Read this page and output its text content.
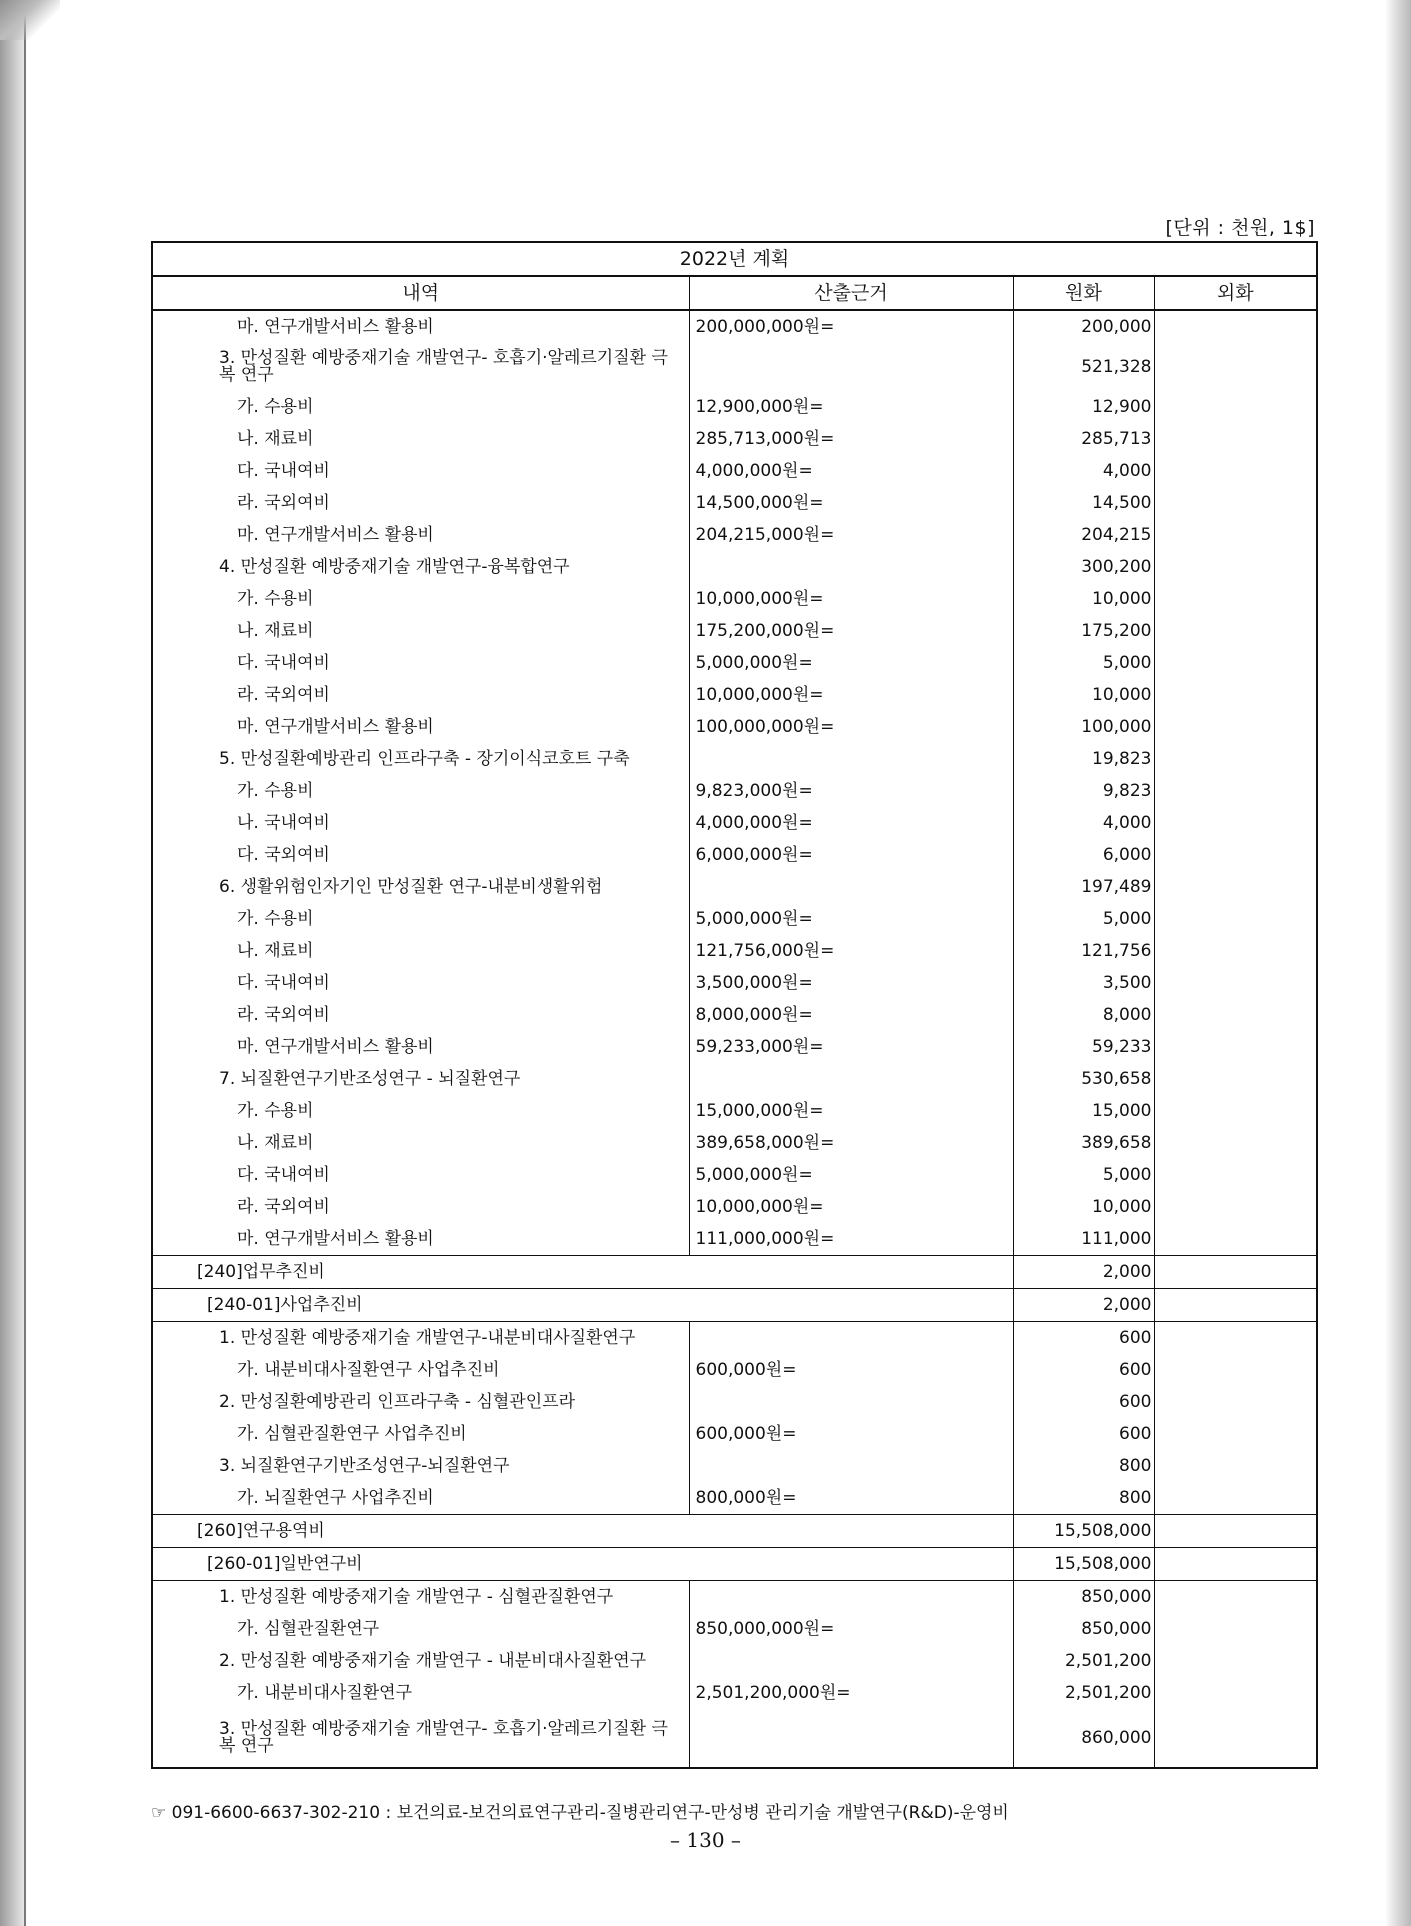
[단위 : 천원, 1$]
2022년 계획			
내역	산출근거	원화	외화
마. 연구개발서비스 활용비	200,000,000원=	200,000	
3. 만성질환 예방중재기술 개발연구- 호흡기·알레르기질환 극복 연구		521,328	
가. 수용비	12,900,000원=	12,900	
나. 재료비	285,713,000원=	285,713	
다. 국내여비	4,000,000원=	4,000	
라. 국외여비	14,500,000원=	14,500	
마. 연구개발서비스 활용비	204,215,000원=	204,215	
4. 만성질환 예방중재기술 개발연구-융복합연구		300,200	
가. 수용비	10,000,000원=	10,000	
나. 재료비	175,200,000원=	175,200	
다. 국내여비	5,000,000원=	5,000	
라. 국외여비	10,000,000원=	10,000	
마. 연구개발서비스 활용비	100,000,000원=	100,000	
5. 만성질환예방관리 인프라구축 - 장기이식코호트 구축		19,823	
가. 수용비	9,823,000원=	9,823	
나. 국내여비	4,000,000원=	4,000	
다. 국외여비	6,000,000원=	6,000	
6. 생활위험인자기인 만성질환 연구-내분비생활위험		197,489	
가. 수용비	5,000,000원=	5,000	
나. 재료비	121,756,000원=	121,756	
다. 국내여비	3,500,000원=	3,500	
라. 국외여비	8,000,000원=	8,000	
마. 연구개발서비스 활용비	59,233,000원=	59,233	
7. 뇌질환연구기반조성연구 - 뇌질환연구		530,658	
가. 수용비	15,000,000원=	15,000	
나. 재료비	389,658,000원=	389,658	
다. 국내여비	5,000,000원=	5,000	
라. 국외여비	10,000,000원=	10,000	
마. 연구개발서비스 활용비	111,000,000원=	111,000	
[240]업무추진비		2,000	
[240-01]사업추진비		2,000	
1. 만성질환 예방중재기술 개발연구-내분비대사질환연구		600	
가. 내분비대사질환연구 사업추진비	600,000원=	600	
2. 만성질환예방관리 인프라구축 - 심혈관인프라		600	
가. 심혈관질환연구 사업추진비	600,000원=	600	
3. 뇌질환연구기반조성연구-뇌질환연구		800	
가. 뇌질환연구 사업추진비	800,000원=	800	
[260]연구용역비		15,508,000	
[260-01]일반연구비		15,508,000	
1. 만성질환 예방중재기술 개발연구 - 심혈관질환연구		850,000	
가. 심혈관질환연구	850,000,000원=	850,000	
2. 만성질환 예방중재기술 개발연구 - 내분비대사질환연구		2,501,200	
가. 내분비대사질환연구	2,501,200,000원=	2,501,200	
3. 만성질환 예방중재기술 개발연구- 호흡기·알레르기질환 극복 연구		860,000	
☞ 091-6600-6637-302-210 : 보건의료-보건의료연구관리-질병관리연구-만성병 관리기술 개발연구(R&D)-운영비
– 130 –
